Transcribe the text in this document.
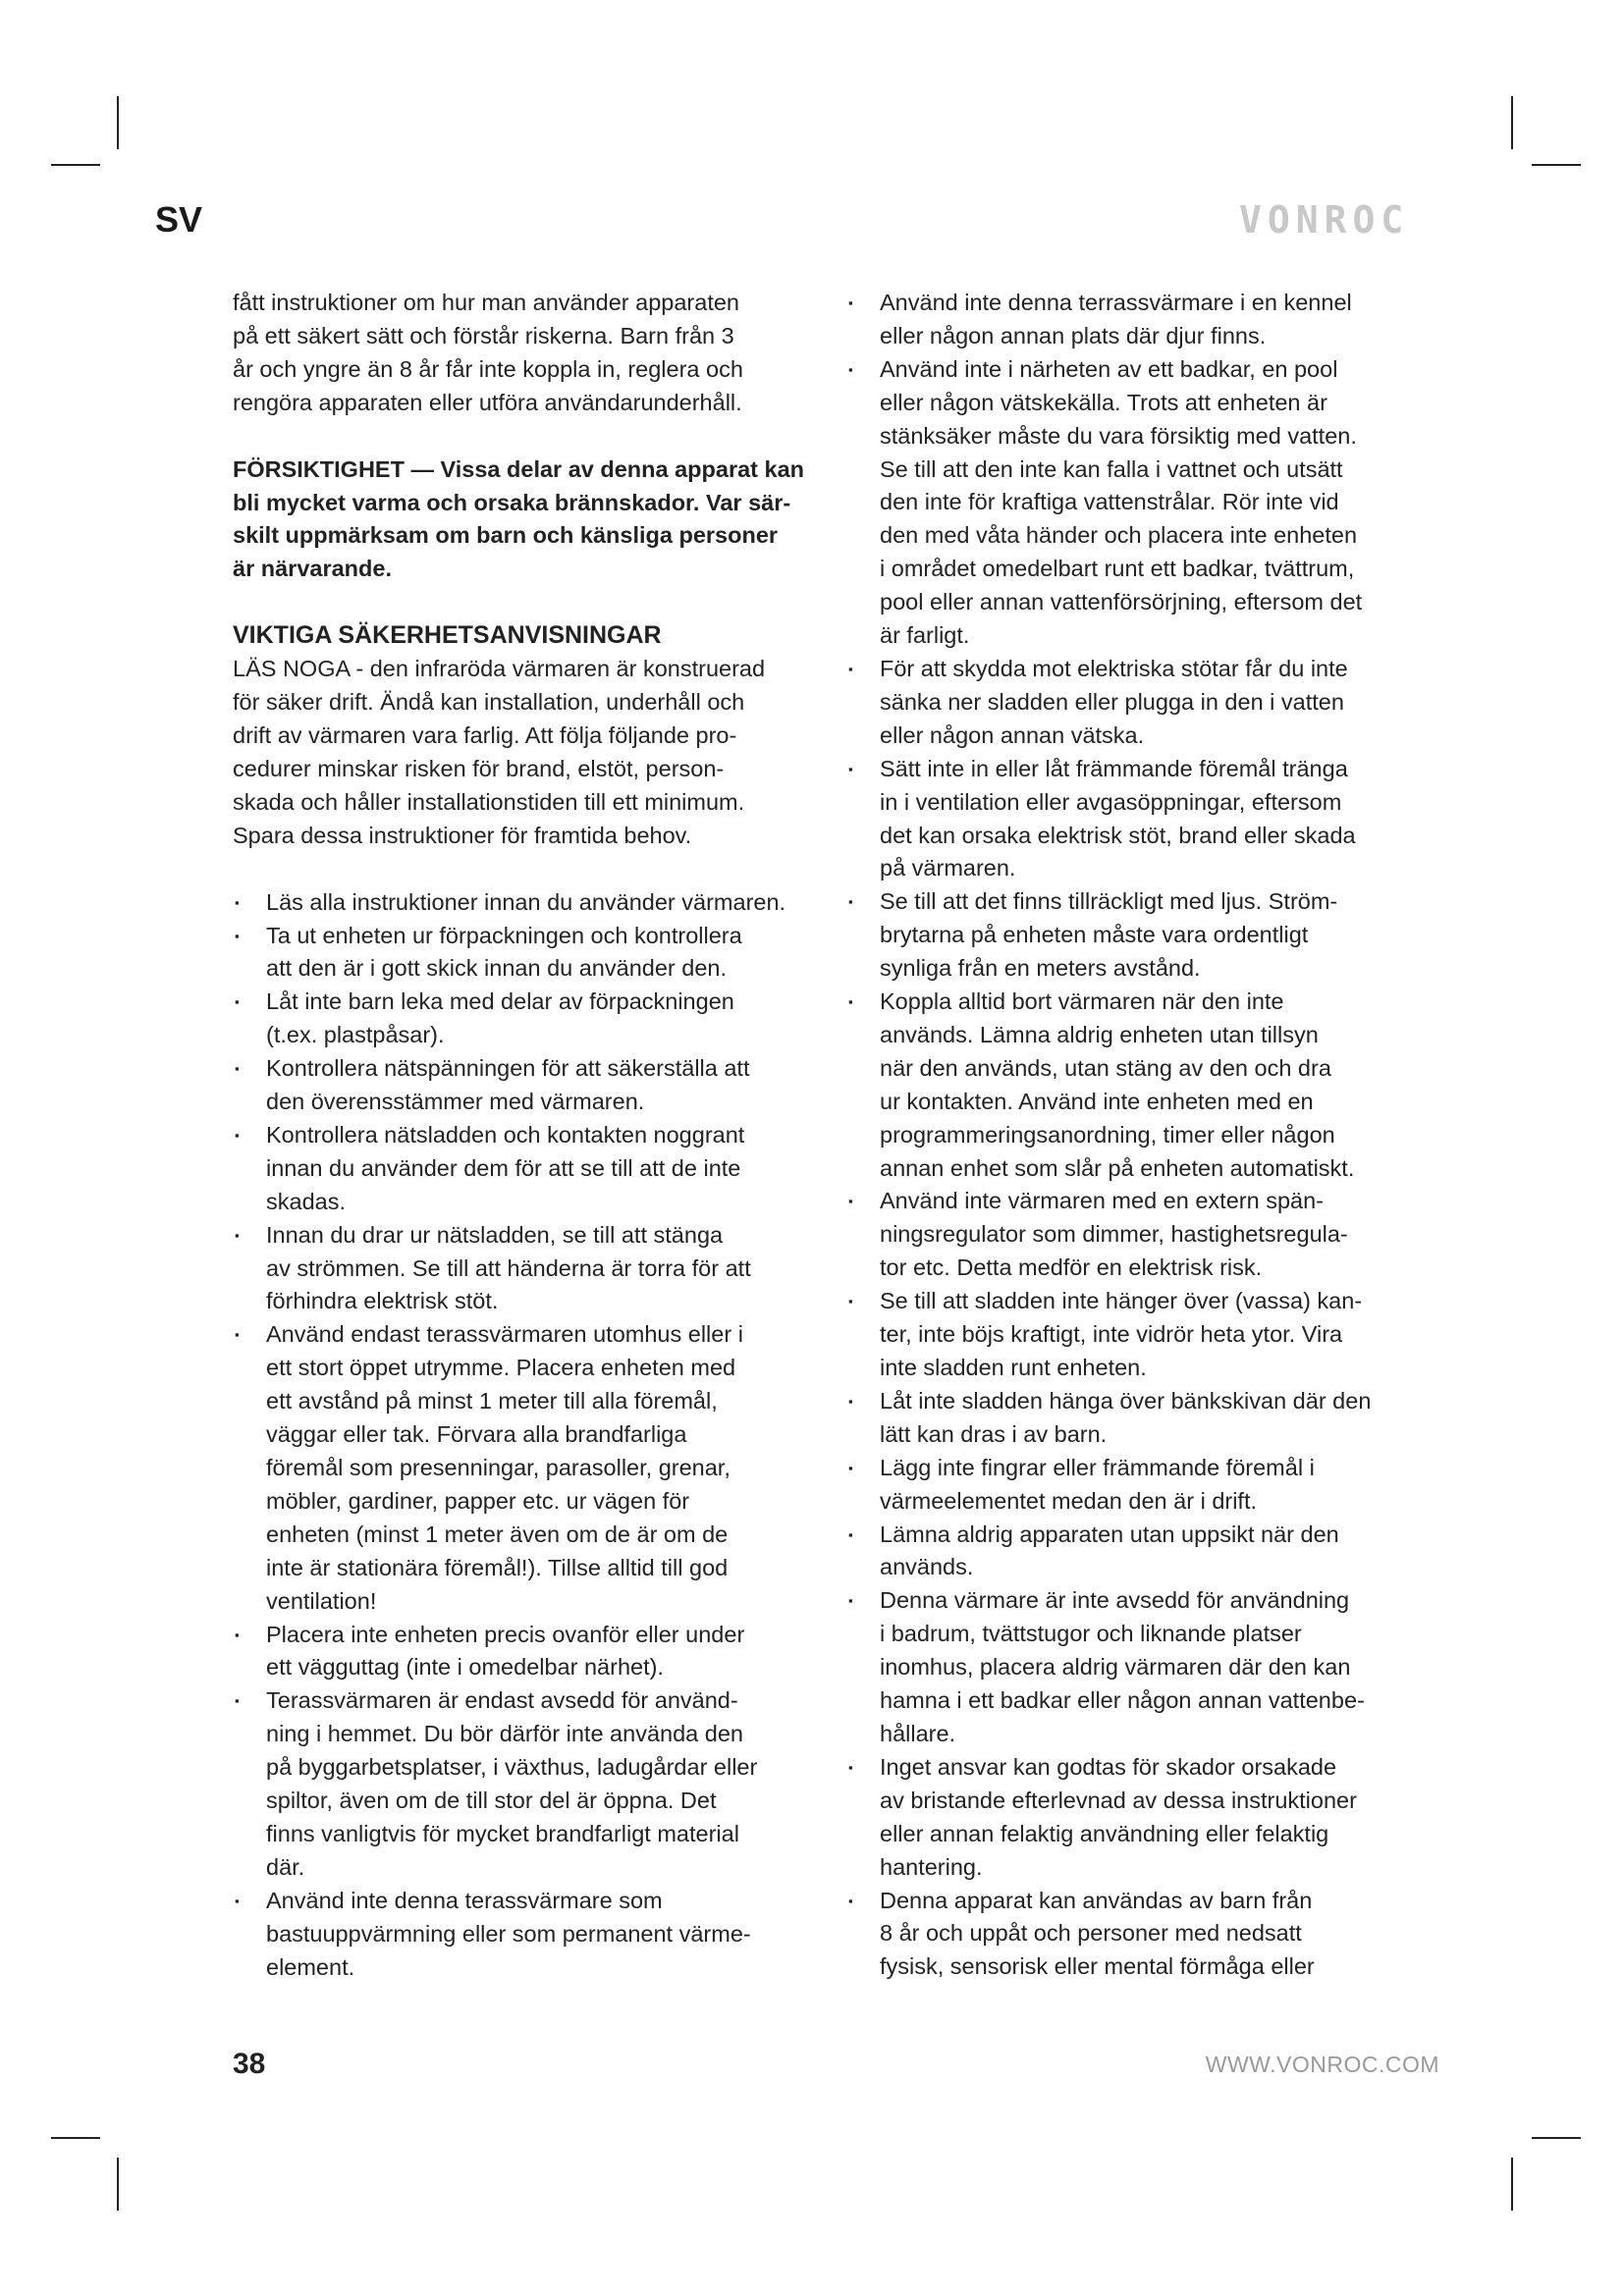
SV	VONROC

fått instruktioner om hur man använder apparaten
på ett säkert sätt och förstår riskerna. Barn från 3
år och yngre än 8 år får inte koppla in, reglera och
rengöra apparaten eller utföra användarunderhåll.

FÖRSIKTIGHET — Vissa delar av denna apparat kan
bli mycket varma och orsaka brännskador. Var sär-
skilt uppmärksam om barn och känsliga personer
är närvarande.

VIKTIGA SÄKERHETSANVISNINGAR

LÄS NOGA - den infraröda värmaren är konstruerad
för säker drift. Ändå kan installation, underhåll och
drift av värmaren vara farlig. Att följa följande pro-
cedurer minskar risken för brand, elstöt, person-
skada och håller installationstiden till ett minimum.
Spara dessa instruktioner för framtida behov.

▪ Läs alla instruktioner innan du använder värmaren.
▪ Ta ut enheten ur förpackningen och kontrollera
att den är i gott skick innan du använder den.
▪ Låt inte barn leka med delar av förpackningen
(t.ex. plastpåsar).
▪ Kontrollera nätspänningen för att säkerställa att
den överensstämmer med värmaren.
▪ Kontrollera nätsladden och kontakten noggrant
innan du använder dem för att se till att de inte
skadas.
▪ Innan du drar ur nätsladden, se till att stänga
av strömmen. Se till att händerna är torra för att
förhindra elektrisk stöt.
▪ Använd endast terassvärmaren utomhus eller i
ett stort öppet utrymme. Placera enheten med
ett avstånd på minst 1 meter till alla föremål,
väggar eller tak. Förvara alla brandfarliga
föremål som presenningar, parasoller, grenar,
möbler, gardiner, papper etc. ur vägen för
enheten (minst 1 meter även om de är om de
inte är stationära föremål!). Tillse alltid till god
ventilation!
▪ Placera inte enheten precis ovanför eller under
ett vägguttag (inte i omedelbar närhet).
▪ Terassvärmaren är endast avsedd för använd-
ning i hemmet. Du bör därför inte använda den
på byggarbetsplatser, i växthus, ladugårdar eller
spiltor, även om de till stor del är öppna. Det
finns vanligtvis för mycket brandfarligt material
där.
▪ Använd inte denna terassvärmare som
bastuuppvärmning eller som permanent värme-
element.
▪ Använd inte denna terrassvärmare i en kennel
eller någon annan plats där djur finns.
▪ Använd inte i närheten av ett badkar, en pool
eller någon vätskekälla. Trots att enheten är
stänksäker måste du vara försiktig med vatten.
Se till att den inte kan falla i vattnet och utsätt
den inte för kraftiga vattenstrålar. Rör inte vid
den med våta händer och placera inte enheten
i området omedelbart runt ett badkar, tvättrum,
pool eller annan vattenförsörjning, eftersom det
är farligt.
▪ För att skydda mot elektriska stötar får du inte
sänka ner sladden eller plugga in den i vatten
eller någon annan vätska.
▪ Sätt inte in eller låt främmande föremål tränga
in i ventilation eller avgasöppningar, eftersom
det kan orsaka elektrisk stöt, brand eller skada
på värmaren.
▪ Se till att det finns tillräckligt med ljus. Ström-
brytarna på enheten måste vara ordentligt
synliga från en meters avstånd.
▪ Koppla alltid bort värmaren när den inte
används. Lämna aldrig enheten utan tillsyn
när den används, utan stäng av den och dra
ur kontakten. Använd inte enheten med en
programmeringsanordning, timer eller någon
annan enhet som slår på enheten automatiskt.
▪ Använd inte värmaren med en extern spän-
ningsregulator som dimmer, hastighetsregula-
tor etc. Detta medför en elektrisk risk.
▪ Se till att sladden inte hänger över (vassa) kan-
ter, inte böjs kraftigt, inte vidrör heta ytor. Vira
inte sladden runt enheten.
▪ Låt inte sladden hänga över bänkskivan där den
lätt kan dras i av barn.
▪ Lägg inte fingrar eller främmande föremål i
värmeelementet medan den är i drift.
▪ Lämna aldrig apparaten utan uppsikt när den
används.
▪ Denna värmare är inte avsedd för användning
i badrum, tvättstugor och liknande platser
inomhus, placera aldrig värmaren där den kan
hamna i ett badkar eller någon annan vattenbe-
hållare.
▪ Inget ansvar kan godtas för skador orsakade
av bristande efterlevnad av dessa instruktioner
eller annan felaktig användning eller felaktig
hantering.
▪ Denna apparat kan användas av barn från
8 år och uppåt och personer med nedsatt
fysisk, sensorisk eller mental förmåga eller
38	WWW.VONROC.COM
